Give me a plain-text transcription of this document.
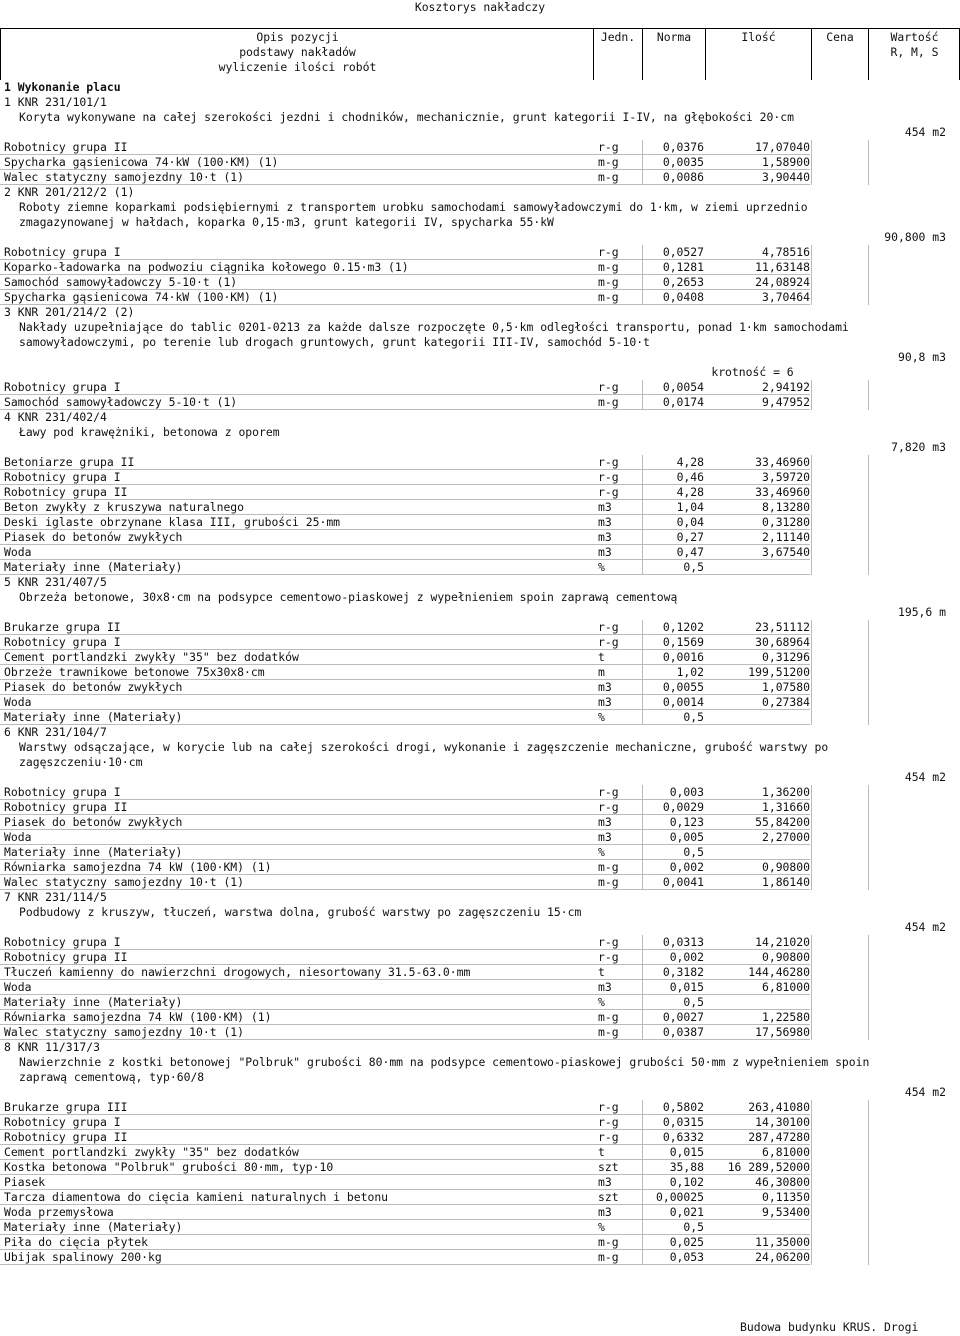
Kosztorys nakładczy
Opis pozycji
podstawy nakładów
wyliczenie ilości robót
Jedn.	Norma	Ilość	Cena	Wartość
R, M, S
1 Wykonanie placu
1 KNR 231/101/1
Koryta wykonywane na całej szerokości jezdni i chodników, mechanicznie, grunt kategorii I-IV, na głębokości 20·cm
454 m2
Robotnicy grupa II	r-g	0,0376	17,07040
Spycharka gąsienicowa 74·kW (100·KM) (1)	m-g	0,0035	1,58900
Walec statyczny samojezdny 10·t (1)	m-g	0,0086	3,90440
2 KNR 201/212/2 (1)
Roboty ziemne koparkami podsiębiernymi z transportem urobku samochodami samowyładowczymi do 1·km, w ziemi uprzednio zmagazynowanej w hałdach, koparka 0,15·m3, grunt kategorii IV, spycharka 55·kW
90,800 m3
Robotnicy grupa I	r-g	0,0527	4,78516
Koparko-ładowarka na podwoziu ciągnika kołowego 0.15·m3 (1)	m-g	0,1281	11,63148
Samochód samowyładowczy 5-10·t (1)	m-g	0,2653	24,08924
Spycharka gąsienicowa 74·kW (100·KM) (1)	m-g	0,0408	3,70464
3 KNR 201/214/2 (2)
Nakłady uzupełniające do tablic 0201-0213 za każde dalsze rozpoczęte 0,5·km odległości transportu, ponad 1·km samochodami samowyładowczymi, po terenie lub drogach gruntowych, grunt kategorii III-IV, samochód 5-10·t
90,8 m3
krotność = 6
Robotnicy grupa I	r-g	0,0054	2,94192
Samochód samowyładowczy 5-10·t (1)	m-g	0,0174	9,47952
4 KNR 231/402/4
Ławy pod krawężniki, betonowa z oporem
7,820 m3
Betoniarze grupa II	r-g	4,28	33,46960
Robotnicy grupa I	r-g	0,46	3,59720
Robotnicy grupa II	r-g	4,28	33,46960
Beton zwykły z kruszywa naturalnego	m3	1,04	8,13280
Deski iglaste obrzynane klasa III, grubości 25·mm	m3	0,04	0,31280
Piasek do betonów zwykłych	m3	0,27	2,11140
Woda	m3	0,47	3,67540
Materiały inne (Materiały)	%	0,5
5 KNR 231/407/5
Obrzeża betonowe, 30x8·cm na podsypce cementowo-piaskowej z wypełnieniem spoin zaprawą cementową
195,6 m
Brukarze grupa II	r-g	0,1202	23,51112
Robotnicy grupa I	r-g	0,1569	30,68964
Cement portlandzki zwykły "35" bez dodatków	t	0,0016	0,31296
Obrzeże trawnikowe betonowe 75x30x8·cm	m	1,02	199,51200
Piasek do betonów zwykłych	m3	0,0055	1,07580
Woda	m3	0,0014	0,27384
Materiały inne (Materiały)	%	0,5
6 KNR 231/104/7
Warstwy odsączające, w korycie lub na całej szerokości drogi, wykonanie i zagęszczenie mechaniczne, grubość warstwy po zagęszczeniu·10·cm
454 m2
Robotnicy grupa I	r-g	0,003	1,36200
Robotnicy grupa II	r-g	0,0029	1,31660
Piasek do betonów zwykłych	m3	0,123	55,84200
Woda	m3	0,005	2,27000
Materiały inne (Materiały)	%	0,5
Równiarka samojezdna 74 kW (100·KM) (1)	m-g	0,002	0,90800
Walec statyczny samojezdny 10·t (1)	m-g	0,0041	1,86140
7 KNR 231/114/5
Podbudowy z kruszyw, tłuczeń, warstwa dolna, grubość warstwy po zagęszczeniu 15·cm
454 m2
Robotnicy grupa I	r-g	0,0313	14,21020
Robotnicy grupa II	r-g	0,002	0,90800
Tłuczeń kamienny do nawierzchni drogowych, niesortowany 31.5-63.0·mm	t	0,3182	144,46280
Woda	m3	0,015	6,81000
Materiały inne (Materiały)	%	0,5
Równiarka samojezdna 74 kW (100·KM) (1)	m-g	0,0027	1,22580
Walec statyczny samojezdny 10·t (1)	m-g	0,0387	17,56980
8 KNR 11/317/3
Nawierzchnie z kostki betonowej "Polbruk" grubości 80·mm na podsypce cementowo-piaskowej grubości 50·mm z wypełnieniem spoin zaprawą cementową, typ·60/8
454 m2
Brukarze grupa III	r-g	0,5802	263,41080
Robotnicy grupa I	r-g	0,0315	14,30100
Robotnicy grupa II	r-g	0,6332	287,47280
Cement portlandzki zwykły "35" bez dodatków	t	0,015	6,81000
Kostka betonowa "Polbruk" grubości 80·mm, typ·10	szt	35,88	16 289,52000
Piasek	m3	0,102	46,30800
Tarcza diamentowa do cięcia kamieni naturalnych i betonu	szt	0,00025	0,11350
Woda przemysłowa	m3	0,021	9,53400
Materiały inne (Materiały)	%	0,5
Piła do cięcia płytek	m-g	0,025	11,35000
Ubijak spalinowy 200·kg	m-g	0,053	24,06200
Budowa budynku KRUS. Drogi
